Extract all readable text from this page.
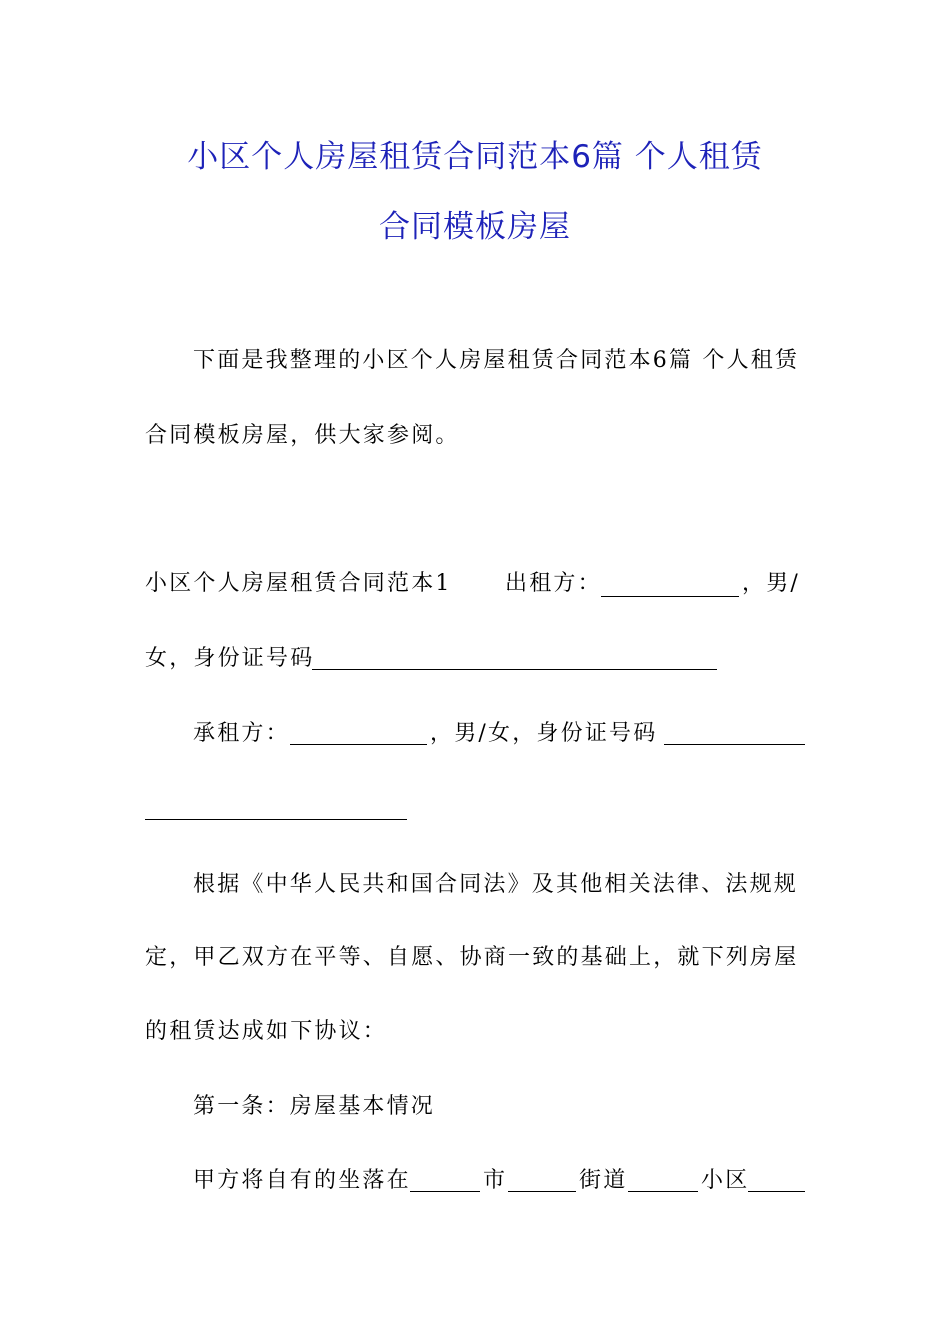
小区个人房屋租赁合同范本6篇 个人租赁
合同模板房屋
下面是我整理的小区个人房屋租赁合同范本6篇 个人租赁
合同模板房屋，供大家参阅。
小区个人房屋租赁合同范本1 出租方：	，男/
女，身份证号码
承租方：	，男/女，身份证号码
根据《中华人民共和国合同法》及其他相关法律、法规规
定，甲乙双方在平等、自愿、协商一致的基础上，就下列房屋
的租赁达成如下协议：
第一条：房屋基本情况
甲方将自有的坐落在	市	街道	小区
